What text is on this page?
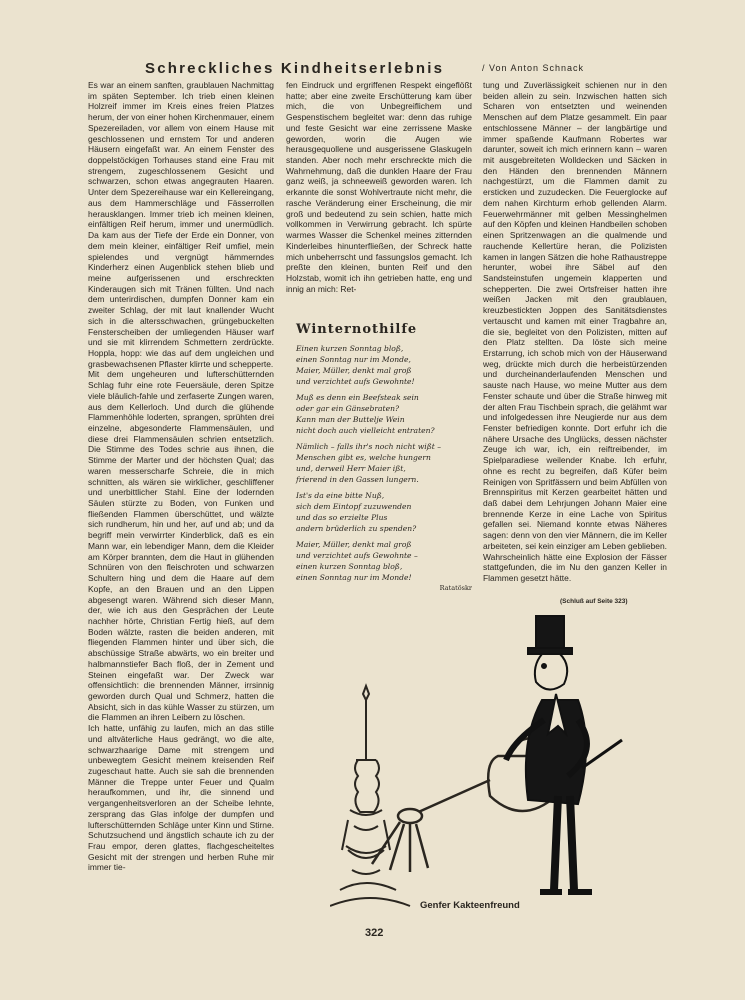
Schreckliches Kindheitserlebnis	/ Von Anton Schnack

Es war an einem sanften, graublauen Nachmittag im späten September. Ich trieb einen kleinen Holzreif immer im Kreis eines freien Platzes herum, der von einer hohen Kirchenmauer, einem Spezereiladen, vor allem von einem Hause mit geschlossenen und ernstem Tor und anderen Häusern eingefaßt war. An einem Fenster des doppelstöckigen Torhauses stand eine Frau mit strengem, zugeschlossenem Gesicht und schwarzen, schon etwas angegrauten Haaren. Unter dem Spezereihause war ein Kellereingang, aus dem Hammerschläge und Fässerrollen herausklangen. Immer trieb ich meinen kleinen, einfältigen Reif herum, immer und unermüdlich. Da kam aus der Tiefe der Erde ein Donner, von dem mein kleiner, einfältiger Reif umfiel, mein spielendes und vergnügt hämmerndes Kinderherz einen Augenblick stehen blieb und meine aufgerissenen und erschreckten Kinderaugen sich mit Tränen füllten. Und nach dem unterirdischen, dumpfen Donner kam ein zweiter Schlag, der mit laut knallender Wucht sich in die altersschwachen, grüngebuckelten Fensterscheiben der umliegenden Häuser warf und sie mit klirrendem Schmettern zerdrückte. Hoppla, hopp: wie das auf dem ungleichen und grasbewachsenen Pflaster klirrte und schepperte.

Mit dem ungeheuren und lufterschütternden Schlag fuhr eine rote Feuersäule, deren Spitze viele bläulich-fahle und zerfaserte Zungen waren, aus dem Kellerloch. Und durch die glühende Flammenhöhle loderten, sprangen, sprühten drei einzelne, abgesonderte Flammensäulen, und diese drei Flammensäulen schrien entsetzlich. Die Stimme des Todes schrie aus ihnen, die Stimme der Marter und der höchsten Qual; das waren messerscharfe Schreie, die in mich schnitten, als wären sie wirklicher, geschliffener und unerbittlicher Stahl. Eine der lodernden Säulen stürzte zu Boden, von Funken und fließenden Flammen überschüttet, und wälzte sich rundherum, hin und her, auf und ab; und da begriff mein verwirrter Kinderblick, daß es ein Mann war, ein lebendiger Mann, dem die Kleider am Körper brannten, dem die Haut in glühenden Schnüren von den fleischroten und schwarzen Schultern hing und dem die Haare auf dem Kopfe, an den Brauen und an den Lippen abgesengt waren. Während sich dieser Mann, der, wie ich aus den Gesprächen der Leute nachher hörte, Christian Fertig hieß, auf dem Boden wälzte, rasten die beiden anderen, mit fliegenden Flammen hinter und über sich, die abschüssige Straße abwärts, wo ein breiter und halbmannstiefer Bach floß, der in Zement und Steinen eingefaßt war. Der Zweck war offensichtlich: die brennenden Männer, irrsinnig geworden durch Qual und Schmerz, hatten die Absicht, sich in das kühle Wasser zu stürzen, um die Flammen an ihren Leibern zu löschen.

Ich hatte, unfähig zu laufen, mich an das stille und altväterliche Haus gedrängt, wo die alte, schwarzhaarige Dame mit strengem und unbewegtem Gesicht meinem kreisenden Reif zugeschaut hatte. Auch sie sah die brennenden Männer die Treppe unter Feuer und Qualm heraufkommen, und ihr, die sinnend und vergangenheitsverloren an der Scheibe lehnte, zersprang das Glas infolge der dumpfen und lufterschütternden Schläge unter Kinn und Stirne. Schutzsuchend und ängstlich schaute ich zu der Frau empor, deren glattes, flachgescheiteltes Gesicht mit der strengen und herben Ruhe mir immer tie-

fen Eindruck und ergriffenen Respekt eingeflößt hatte; aber eine zweite Erschütterung kam über mich, die von Unbegreiflichem und Gespenstischem begleitet war: denn das ruhige und feste Gesicht war eine zerrissene Maske geworden, worin die Augen wie herausgequollene und ausgerissene Glaskugeln standen. Aber noch mehr erschreckte mich die Wahrnehmung, daß die dunklen Haare der Frau ganz weiß, ja schneeweiß geworden waren. Ich erkannte die sonst Wohlvertraute nicht mehr, die rasche Veränderung einer Erscheinung, die mir groß und bedeutend zu sein schien, hatte mich vollkommen in Verwirrung gebracht. Ich spürte warmes Wasser die Schenkel meines zitternden Kinderleibes hinunterfließen, der Schreck hatte mich unbeherrscht und fassungslos gemacht. Ich preßte den kleinen, bunten Reif und den Holzstab, womit ich ihn getrieben hatte, eng und innig an mich: Ret-

tung und Zuverlässigkeit schienen nur in den beiden allein zu sein. Inzwischen hatten sich Scharen von entsetzten und weinenden Menschen auf dem Platze gesammelt. Ein paar entschlossene Männer – der langbärtige und immer spaßende Kaufmann Robertes war darunter, soweit ich mich erinnern kann – waren mit ausgebreiteten Wolldecken und Säcken in den Händen den brennenden Männern nachgestürzt, um die Flammen damit zu ersticken und zuzudecken. Die Feuerglocke auf dem nahen Kirchturm erhob gellenden Alarm. Feuerwehrmänner mit gelben Messinghelmen auf den Köpfen und kleinen Handbeilen schoben einen Spritzenwagen an die qualmende und rauchende Kellertüre heran, die Polizisten kamen in langen Sätzen die hohe Rathaustreppe herunter, wobei ihre Säbel auf den Sandsteinstufen ungemein klapperten und schepperten. Die zwei Ortsfreiser hatten ihre weißen Jacken mit den graublauen, kreuzbestickten Joppen des Sanitätsdienstes vertauscht und kamen mit einer Tragbahre an, die sie, begleitet von den Polizisten, mitten auf den Platz stellten. Da löste sich meine Erstarrung, ich schob mich von der Häuserwand weg, drückte mich durch die herbeistürzenden und durcheinanderlaufenden Menschen und sauste nach Hause, wo meine Mutter aus dem Fenster schaute und über die Straße hinweg mit der alten Frau Tischbein sprach, die gelähmt war und infolgedessen ihre Neugierde nur aus dem Fenster befriedigen konnte. Dort erfuhr ich die nähere Ursache des Unglücks, dessen nächster Zeuge ich war, ich, ein reiftreibender, im Spielparadiese weilender Knabe. Ich erfuhr, ohne es recht zu begreifen, daß Küfer beim Reinigen von Spritfässern und beim Abfüllen von Brennspiritus mit Kerzen gearbeitet hätten und daß dabei dem Lehrjungen Johann Maier eine brennende Kerze in eine Lache von Spiritus gefallen sei. Niemand konnte etwas Näheres sagen: denn von den vier Männern, die im Keller arbeiteten, sei kein einziger am Leben geblieben. Wahrscheinlich hätte eine Explosion der Fässer stattgefunden, die im Nu den ganzen Keller in Flammen gesetzt hätte.

(Schluß auf Seite 323)
Winternothilfe
Einen kurzen Sonntag bloß,
einen Sonntag nur im Monde,
Maier, Müller, denkt mal groß
und verzichtet aufs Gewohnte!
Muß es denn ein Beefsteak sein
oder gar ein Gänsebraten?
Kann man der Buttelje Wein
nicht doch auch vielleicht entraten?
Nämlich – falls ihr's noch nicht wißt –
Menschen gibt es, welche hungern
und, derweil Herr Maier ißt,
frierend in den Gassen lungern.
Ist's da eine bitte Nuß,
sich dem Eintopf zuzuwenden
und das so erzielte Plus
andern brüderlich zu spenden?
Maier, Müller, denkt mal groß
und verzichtet aufs Gewohnte –
einen kurzen Sonntag bloß,
einen Sonntag nur im Monde!
Ratatöskr
Genfer Kakteenfreund
322
